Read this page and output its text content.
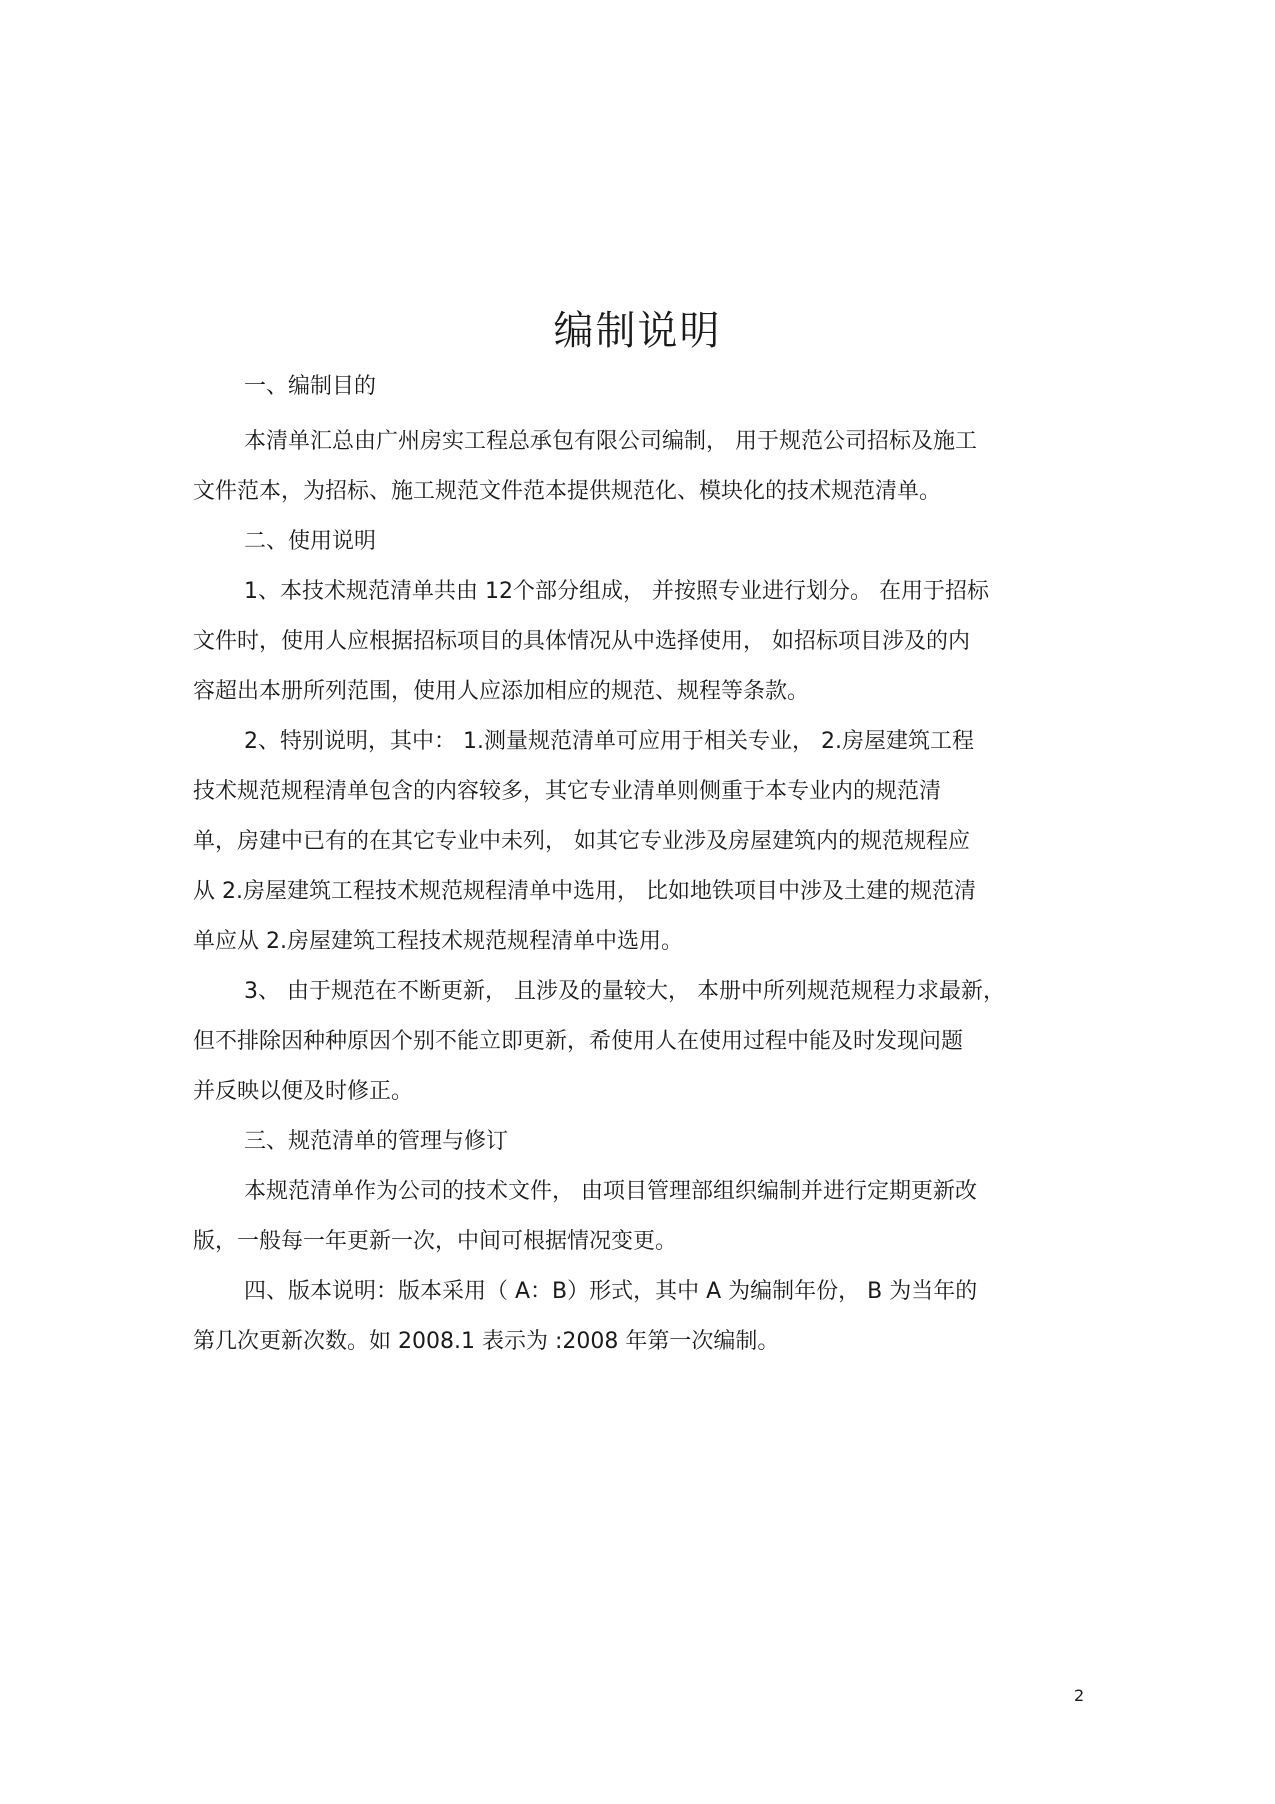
编制说明

一、编制目的

本清单汇总由广州房实工程总承包有限公司编制， 用于规范公司招标及施工

文件范本，为招标、施工规范文件范本提供规范化、模块化的技术规范清单。

二、使用说明

1、本技术规范清单共由 12个部分组成， 并按照专业进行划分。 在用于招标

文件时，使用人应根据招标项目的具体情况从中选择使用， 如招标项目涉及的内

容超出本册所列范围，使用人应添加相应的规范、规程等条款。

2、特别说明，其中： 1.测量规范清单可应用于相关专业， 2.房屋建筑工程

技术规范规程清单包含的内容较多，其它专业清单则侧重于本专业内的规范清

单，房建中已有的在其它专业中未列， 如其它专业涉及房屋建筑内的规范规程应

从 2.房屋建筑工程技术规范规程清单中选用， 比如地铁项目中涉及土建的规范清

单应从 2.房屋建筑工程技术规范规程清单中选用。

3、 由于规范在不断更新， 且涉及的量较大， 本册中所列规范规程力求最新，

但不排除因种种原因个别不能立即更新，希使用人在使用过程中能及时发现问题

并反映以便及时修正。

三、规范清单的管理与修订

本规范清单作为公司的技术文件， 由项目管理部组织编制并进行定期更新改

版，一般每一年更新一次，中间可根据情况变更。

四、版本说明：版本采用（ A：B）形式，其中 A 为编制年份， B 为当年的

第几次更新次数。如 2008.1 表示为 :2008 年第一次编制。

2
